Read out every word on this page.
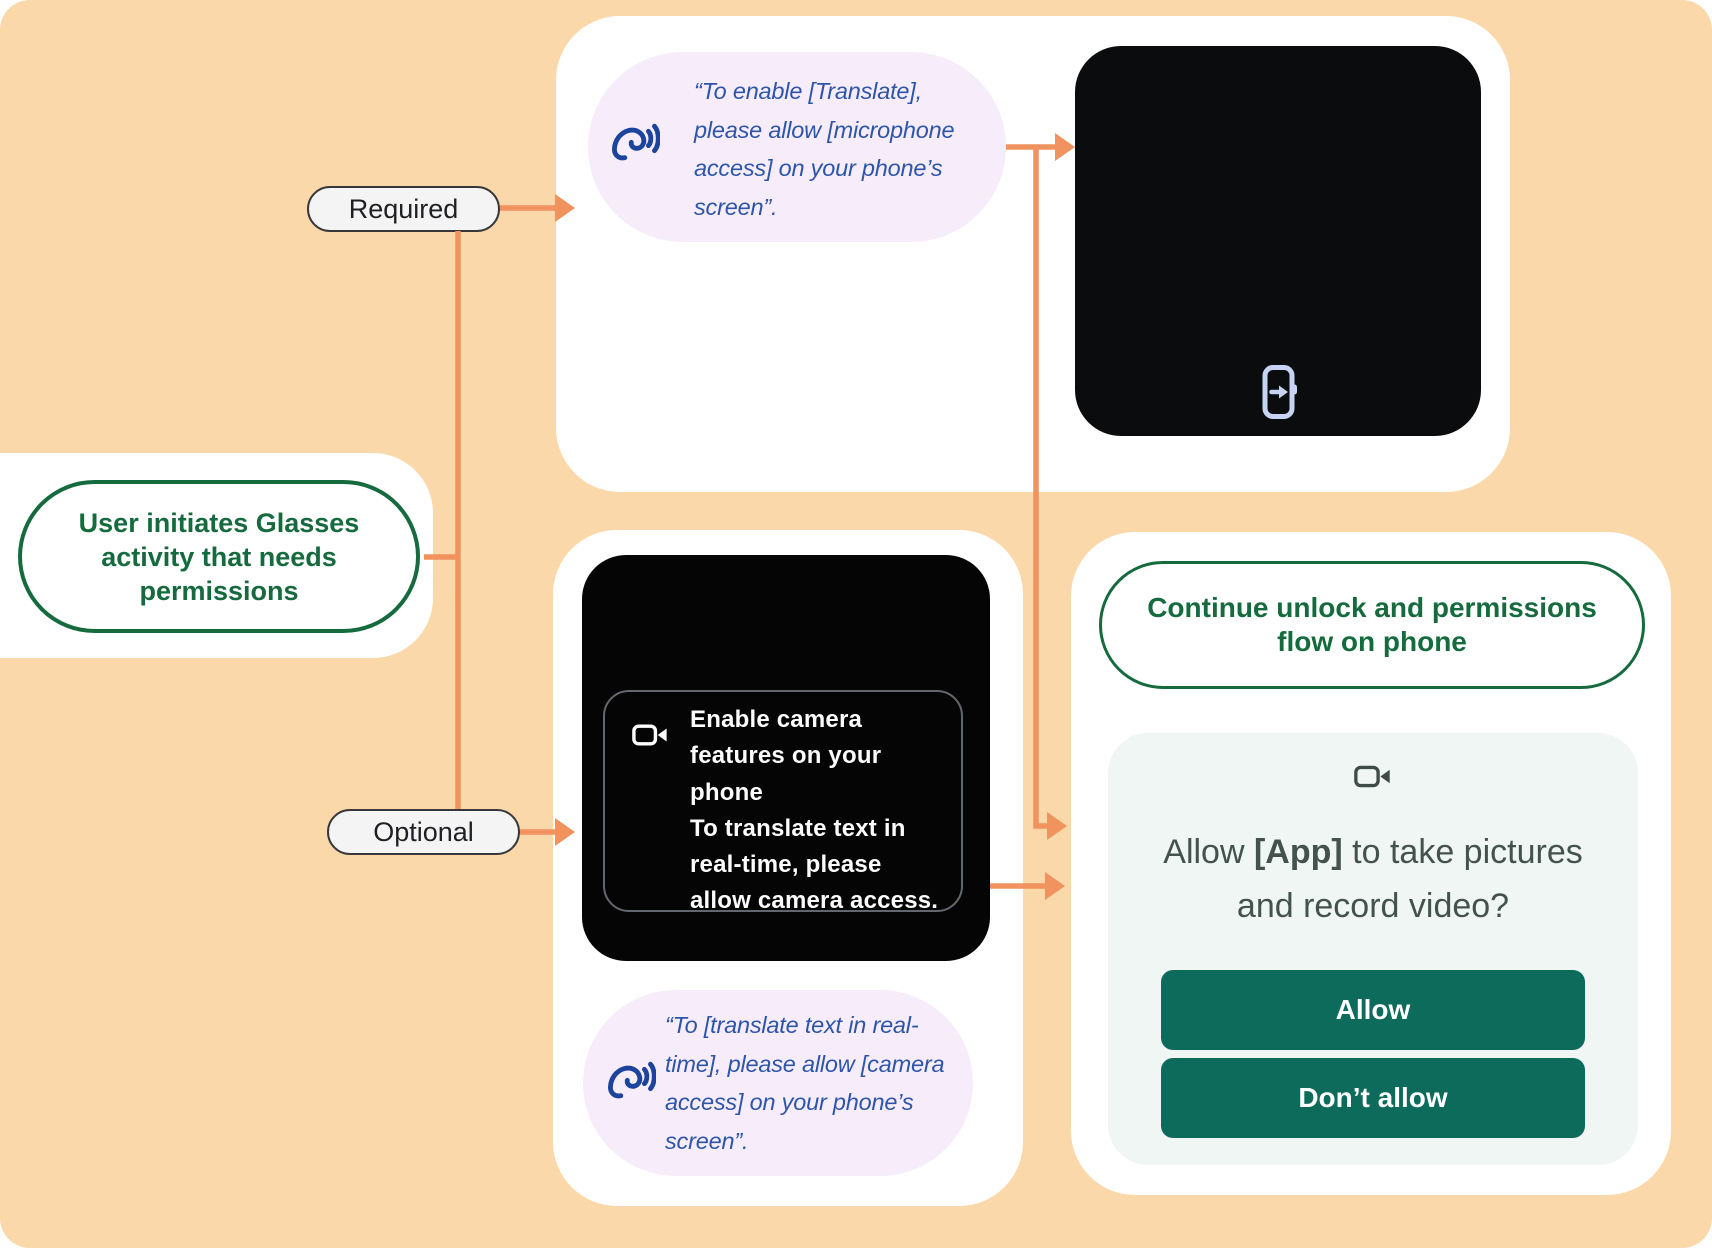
“To enable [Translate],
please allow [microphone
access] on your phone’s
screen”.
User initiates Glasses
activity that needs
permissions
Required
Optional
Enable camera
features on your
phone
To translate text in
real-time, please
allow camera access.
“To [translate text in real-
time], please allow [camera
access] on your phone’s
screen”.
Continue unlock and permissions
flow on phone
Allow [App] to take pictures
and record video?
Allow
Don’t allow
